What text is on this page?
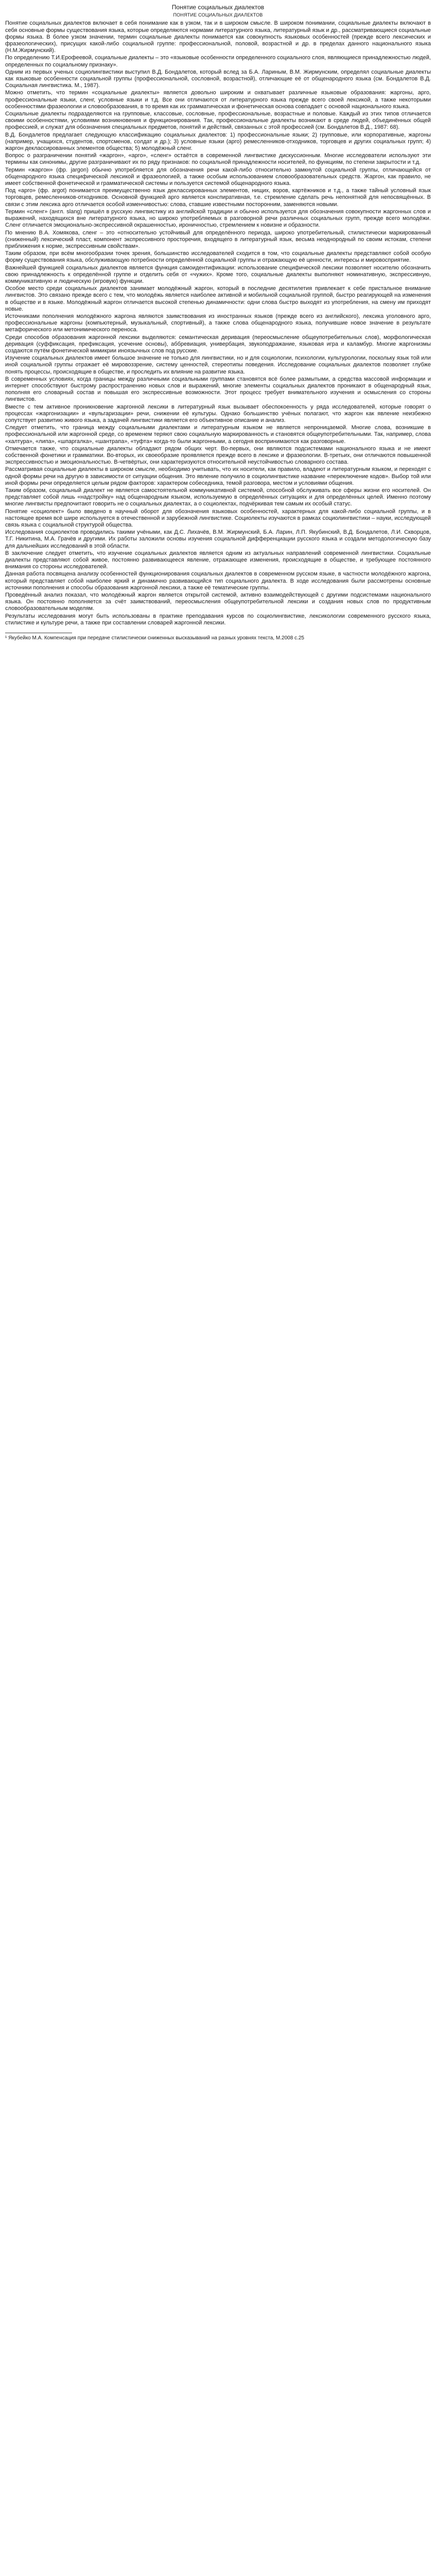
Понятие социальных диалектов
ПОНЯТИЕ СОЦИАЛЬНЫХ ДИАЛЕКТОВ

Понятие социальных диалектов включает в себя понимание как в узком, так и в широком смысле. В широком понимании, социальные диалекты включают в себя основные формы существования языка, которые определяются нормами литературного языка, литературный язык и др., рассматривающиеся социальные формы языка. В более узком значении, термин социальные диалекты понимается как совокупность языковых особенностей (прежде всего лексических и фразеологических), присущих какой-либо социальной группе: профессиональной, половой, возрастной и др. в пределах данного национального языка (Н.М.Жирмунский).

По определению Т.И.Ерофеевой, социальные диалекты – это «языковые особенности определенного социального слоя, являющиеся принадлежностью людей, определенных по социальному признаку».

Одним из первых ученых социолингвистики выступил В.Д. Бондалетов, который вслед за Б.А. Лариным, В.М. Жирмунским, определял социальные диалекты как языковые особенности социальной группы (профессиональной, сословной, возрастной), отличающие её от общенародного языка (см. Бондалетов В.Д. Социальная лингвистика. М., 1987).

Можно отметить, что термин «социальные диалекты» является довольно широким и охватывает различные языковые образования: жаргоны, арго, профессиональные языки, сленг, условные языки и т.д. Все они отличаются от литературного языка прежде всего своей лексикой, а также некоторыми особенностями фразеологии и словообразования, в то время как их грамматическая и фонетическая основа совпадает с основой национального языка.

Социальные диалекты подразделяются на групповые, классовые, сословные, профессиональные, возрастные и половые. Каждый из этих типов отличается своими особенностями, условиями возникновения и функционирования. Так, профессиональные диалекты возникают в среде людей, объединённых общей профессией, и служат для обозначения специальных предметов, понятий и действий, связанных с этой профессией (см. Бондалетов В.Д., 1987: 68).

В.Д. Бондалетов предлагает следующую классификацию социальных диалектов: 1) профессиональные языки; 2) групповые, или корпоративные, жаргоны (например, учащихся, студентов, спортсменов, солдат и др.); 3) условные языки (арго) ремесленников-отходников, торговцев и других социальных групп; 4) жаргон деклассированных элементов общества; 5) молодёжный сленг.

Вопрос о разграничении понятий «жаргон», «арго», «сленг» остаётся в современной лингвистике дискуссионным. Многие исследователи используют эти термины как синонимы, другие разграничивают их по ряду признаков: по социальной принадлежности носителей, по функциям, по степени закрытости и т.д.

Термин «жаргон» (фр. jargon) обычно употребляется для обозначения речи какой-либо относительно замкнутой социальной группы, отличающейся от общенародного языка специфической лексикой и фразеологией, а также особым использованием словообразовательных средств. Жаргон, как правило, не имеет собственной фонетической и грамматической системы и пользуется системой общенародного языка.

Под «арго» (фр. argot) понимается преимущественно язык деклассированных элементов, нищих, воров, картёжников и т.д., а также тайный условный язык торговцев, ремесленников-отходников. Основной функцией арго является конспиративная, т.е. стремление сделать речь непонятной для непосвящённых. В связи с этим лексика арго отличается особой изменчивостью: слова, ставшие известными посторонним, заменяются новыми.

Термин «сленг» (англ. slang) пришёл в русскую лингвистику из английской традиции и обычно используется для обозначения совокупности жаргонных слов и выражений, находящихся вне литературного языка, но широко употребляемых в разговорной речи различных социальных групп, прежде всего молодёжи. Сленг отличается эмоционально-экспрессивной окрашенностью, ироничностью, стремлением к новизне и образности.

По мнению В.А. Хомякова, сленг – это «относительно устойчивый для определённого периода, широко употребительный, стилистически маркированный (сниженный) лексический пласт, компонент экспрессивного просторечия, входящего в литературный язык, весьма неоднородный по своим истокам, степени приближения к норме, экспрессивным свойствам».

Таким образом, при всём многообразии точек зрения, большинство исследователей сходится в том, что социальные диалекты представляют собой особую форму существования языка, обслуживающую потребности определённой социальной группы и отражающую её ценности, интересы и мировосприятие.

Важнейшей функцией социальных диалектов является функция самоидентификации: использование специфической лексики позволяет носителю обозначить свою принадлежность к определённой группе и отделить себя от «чужих». Кроме того, социальные диалекты выполняют номинативную, экспрессивную, коммуникативную и людическую (игровую) функции.

Особое место среди социальных диалектов занимает молодёжный жаргон, который в последние десятилетия привлекает к себе пристальное внимание лингвистов. Это связано прежде всего с тем, что молодёжь является наиболее активной и мобильной социальной группой, быстро реагирующей на изменения в обществе и в языке. Молодёжный жаргон отличается высокой степенью динамичности: одни слова быстро выходят из употребления, на смену им приходят новые.

Источниками пополнения молодёжного жаргона являются заимствования из иностранных языков (прежде всего из английского), лексика уголовного арго, профессиональные жаргоны (компьютерный, музыкальный, спортивный), а также слова общенародного языка, получившие новое значение в результате метафорического или метонимического переноса.

Среди способов образования жаргонной лексики выделяются: семантическая деривация (переосмысление общеупотребительных слов), морфологическая деривация (суффиксация, префиксация, усечение основы), аббревиация, универбация, звукоподражание, языковая игра и каламбур. Многие жаргонизмы создаются путём фонетической мимикрии иноязычных слов под русские.

Изучение социальных диалектов имеет большое значение не только для лингвистики, но и для социологии, психологии, культурологии, поскольку язык той или иной социальной группы отражает её мировоззрение, систему ценностей, стереотипы поведения. Исследование социальных диалектов позволяет глубже понять процессы, происходящие в обществе, и проследить их влияние на развитие языка.

В современных условиях, когда границы между различными социальными группами становятся всё более размытыми, а средства массовой информации и интернет способствуют быстрому распространению новых слов и выражений, многие элементы социальных диалектов проникают в общенародный язык, пополняя его словарный состав и повышая его экспрессивные возможности. Этот процесс требует внимательного изучения и осмысления со стороны лингвистов.

Вместе с тем активное проникновение жаргонной лексики в литературный язык вызывает обеспокоенность у ряда исследователей, которые говорят о процессах «жаргонизации» и «вульгаризации» речи, снижении её культуры. Однако большинство учёных полагают, что жаргон как явление неизбежно сопутствует развитию живого языка, а задачей лингвистики является его объективное описание и анализ.

Следует отметить, что граница между социальными диалектами и литературным языком не является непроницаемой. Многие слова, возникшие в профессиональной или жаргонной среде, со временем теряют свою социальную маркированность и становятся общеупотребительными. Так, например, слова «халтура», «липа», «шпаргалка», «шантрапа», «туфта» когда-то были жаргонными, а сегодня воспринимаются как разговорные.

Отмечается также, что социальные диалекты обладают рядом общих черт. Во-первых, они являются подсистемами национального языка и не имеют собственной фонетики и грамматики. Во-вторых, их своеобразие проявляется прежде всего в лексике и фразеологии. В-третьих, они отличаются повышенной экспрессивностью и эмоциональностью. В-четвёртых, они характеризуются относительной неустойчивостью словарного состава.

Рассматривая социальные диалекты в широком смысле, необходимо учитывать, что их носители, как правило, владеют и литературным языком, и переходят с одной формы речи на другую в зависимости от ситуации общения. Это явление получило в социолингвистике название «переключение кодов». Выбор той или иной формы речи определяется целым рядом факторов: характером собеседника, темой разговора, местом и условиями общения.

Таким образом, социальный диалект не является самостоятельной коммуникативной системой, способной обслуживать все сферы жизни его носителей. Он представляет собой лишь «надстройку» над общенародным языком, используемую в определённых ситуациях и для определённых целей. Именно поэтому многие лингвисты предпочитают говорить не о социальных диалектах, а о социолектах, подчёркивая тем самым их особый статус.

Понятие «социолект» было введено в научный оборот для обозначения языковых особенностей, характерных для какой-либо социальной группы, и в настоящее время всё шире используется в отечественной и зарубежной лингвистике. Социолекты изучаются в рамках социолингвистики – науки, исследующей связь языка с социальной структурой общества.

Исследования социолектов проводились такими учёными, как Д.С. Лихачёв, В.М. Жирмунский, Б.А. Ларин, Л.П. Якубинский, В.Д. Бондалетов, Л.И. Скворцов, Т.Г. Никитина, М.А. Грачёв и другими. Их работы заложили основы изучения социальной дифференциации русского языка и создали методологическую базу для дальнейших исследований в этой области.

В заключение следует отметить, что изучение социальных диалектов является одним из актуальных направлений современной лингвистики. Социальные диалекты представляют собой живое, постоянно развивающееся явление, отражающее изменения, происходящие в обществе, и требующее постоянного внимания со стороны исследователей.

Данная работа посвящена анализу особенностей функционирования социальных диалектов в современном русском языке, в частности молодёжного жаргона, который представляет собой наиболее яркий и динамично развивающийся тип социального диалекта. В ходе исследования были рассмотрены основные источники пополнения и способы образования жаргонной лексики, а также её тематические группы.

Проведённый анализ показал, что молодёжный жаргон является открытой системой, активно взаимодействующей с другими подсистемами национального языка. Он постоянно пополняется за счёт заимствований, переосмысления общеупотребительной лексики и создания новых слов по продуктивным словообразовательным моделям.

Результаты исследования могут быть использованы в практике преподавания курсов по социолингвистике, лексикологии современного русского языка, стилистике и культуре речи, а также при составлении словарей жаргонной лексики.

¹ Якубейко М.А. Компенсация при передаче стилистически сниженных высказываний на разных уровнях текста, М.2008 с.25
